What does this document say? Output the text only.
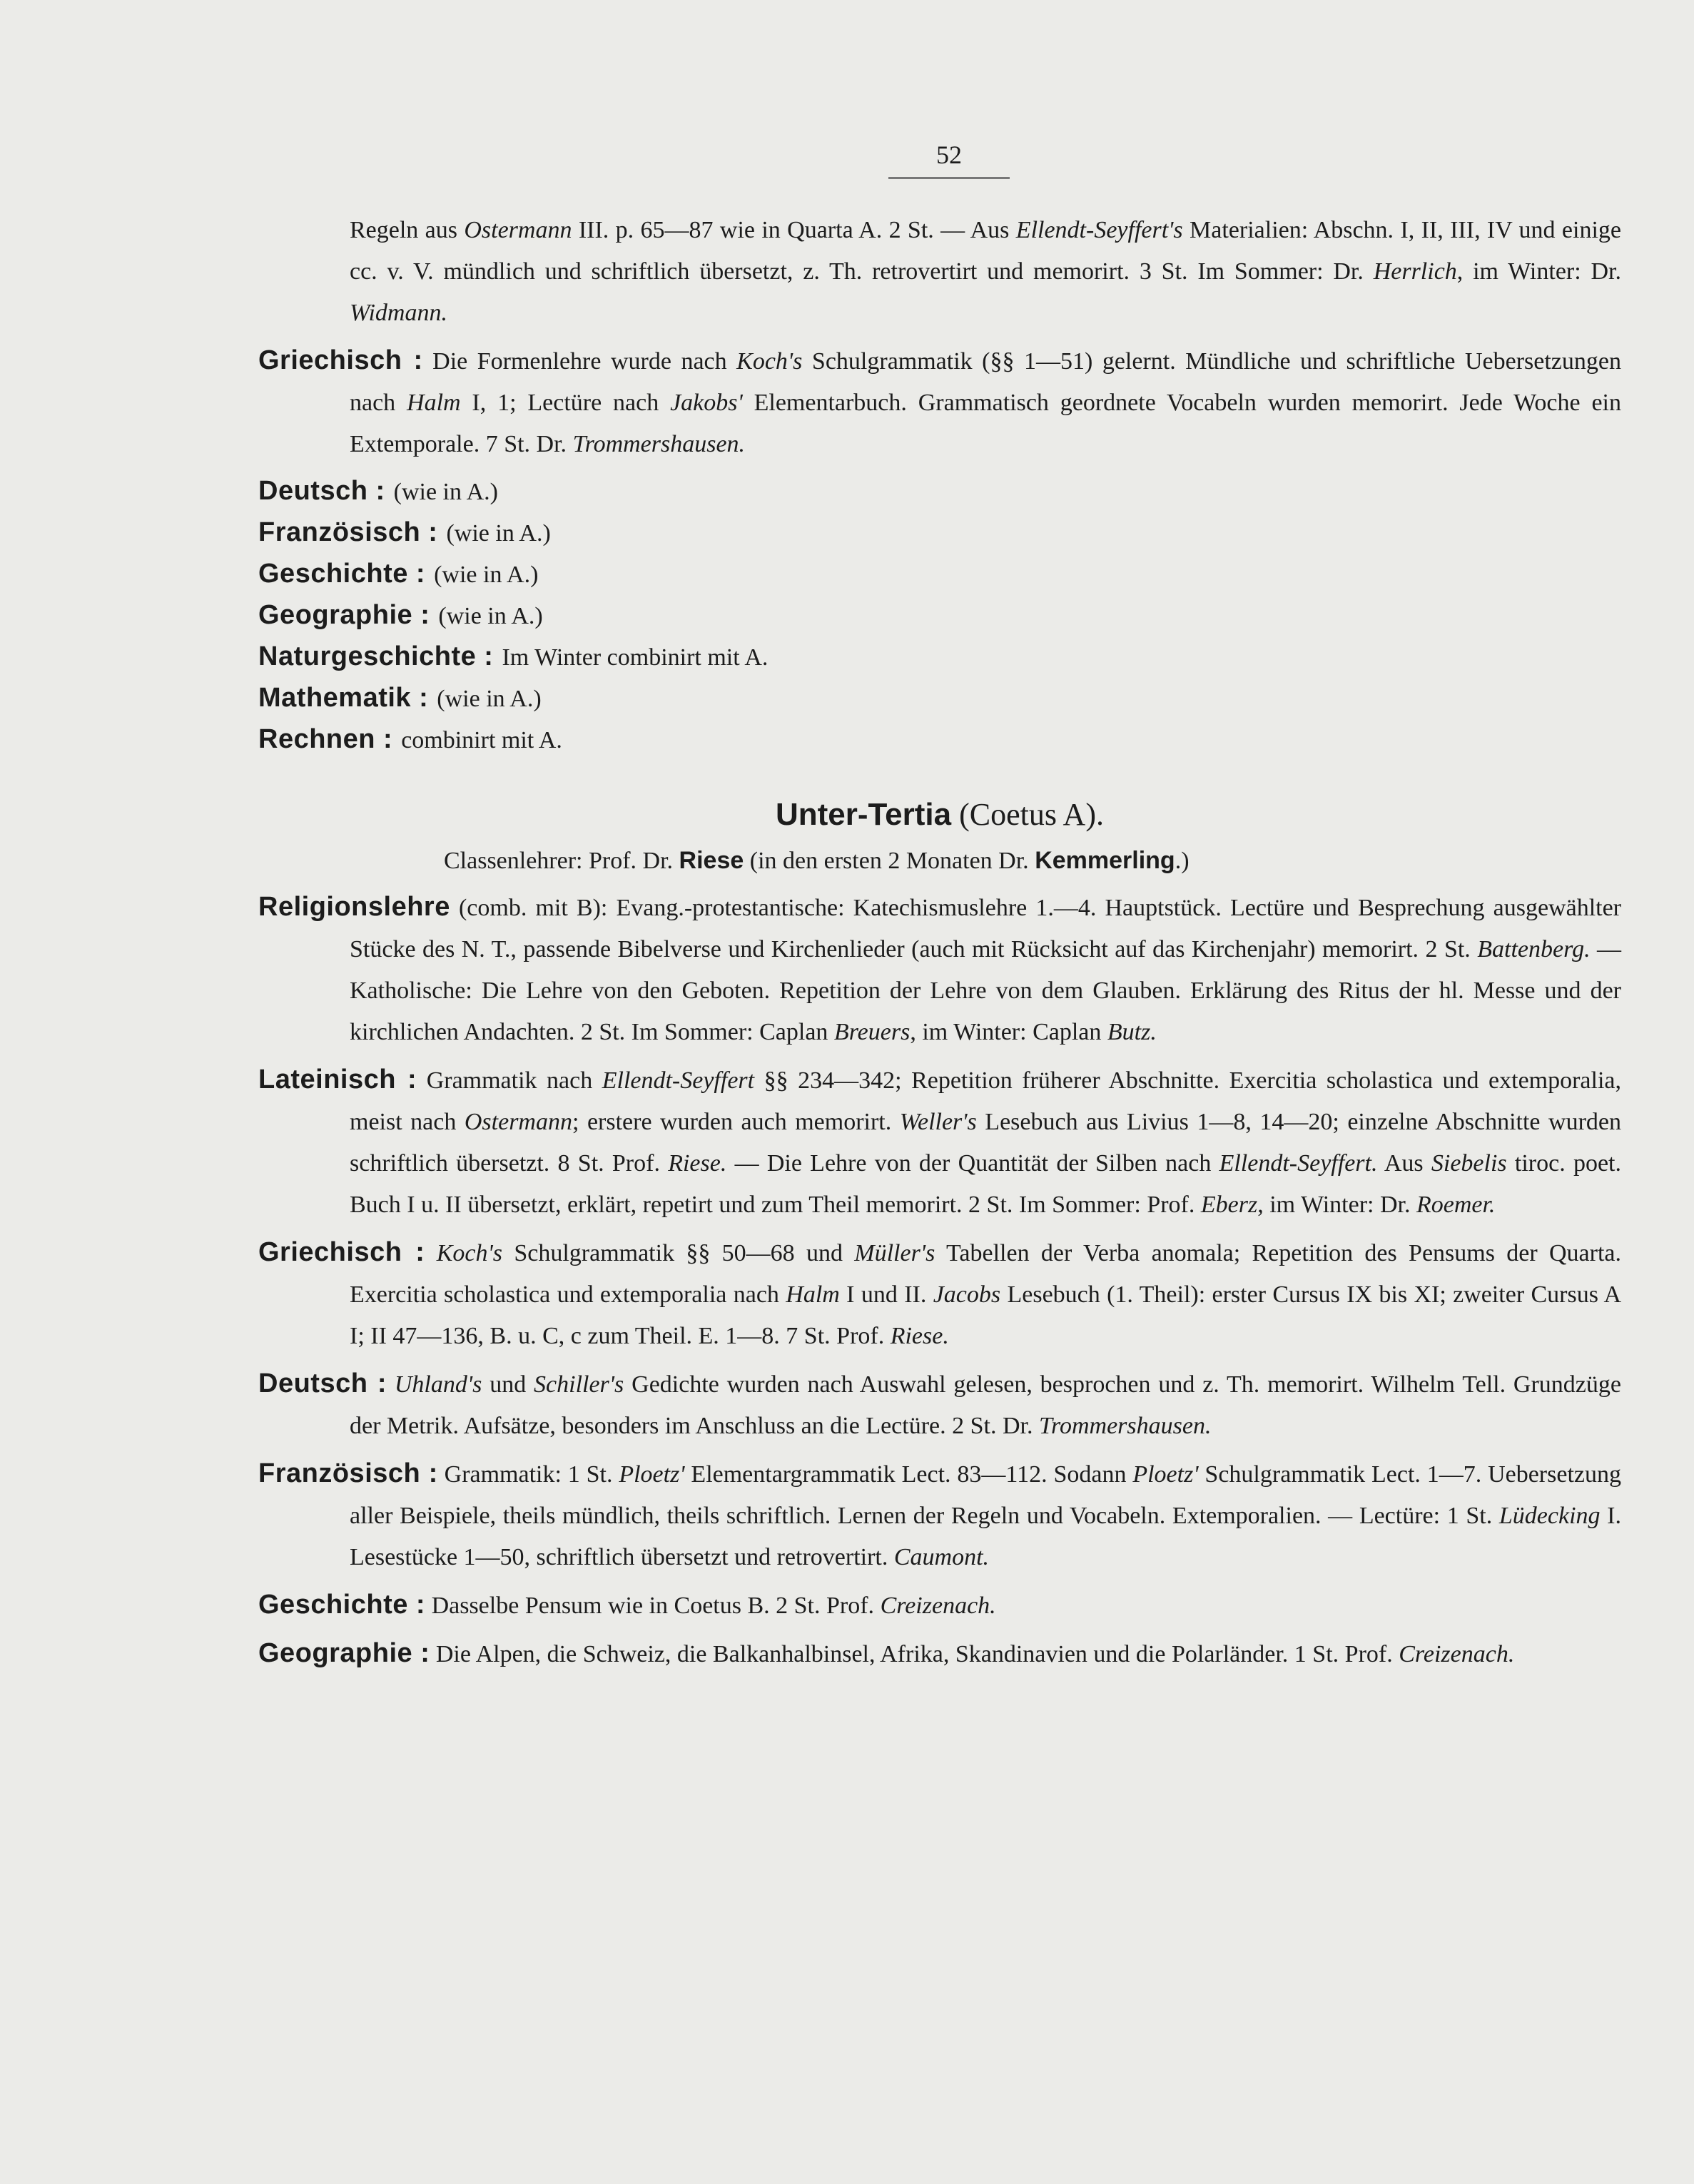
52

Regeln aus Ostermann III. p. 65—87 wie in Quarta A. 2 St. — Aus Ellendt-Seyffert's Materialien: Abschn. I, II, III, IV und einige cc. v. V. mündlich und schriftlich übersetzt, z. Th. retrovertirt und memorirt. 3 St. Im Sommer: Dr. Herrlich, im Winter: Dr. Widmann.

Griechisch : Die Formenlehre wurde nach Koch's Schulgrammatik (§§ 1—51) gelernt. Mündliche und schriftliche Uebersetzungen nach Halm I, 1; Lectüre nach Jakobs' Elementarbuch. Grammatisch geordnete Vocabeln wurden memorirt. Jede Woche ein Extemporale. 7 St. Dr. Trommershausen.

Deutsch : (wie in A.)
Französisch : (wie in A.)
Geschichte : (wie in A.)
Geographie : (wie in A.)
Naturgeschichte : Im Winter combinirt mit A.
Mathematik : (wie in A.)
Rechnen : combinirt mit A.
Unter-Tertia (Coetus A).
Classenlehrer: Prof. Dr. Riese (in den ersten 2 Monaten Dr. Kemmerling.)

Religionslehre (comb. mit B): Evang.-protestantische: Katechismuslehre 1.—4. Hauptstück. Lectüre und Besprechung ausgewählter Stücke des N. T., passende Bibelverse und Kirchenlieder (auch mit Rücksicht auf das Kirchenjahr) memorirt. 2 St. Battenberg. — Katholische: Die Lehre von den Geboten. Repetition der Lehre von dem Glauben. Erklärung des Ritus der hl. Messe und der kirchlichen Andachten. 2 St. Im Sommer: Caplan Breuers, im Winter: Caplan Butz.

Lateinisch : Grammatik nach Ellendt-Seyffert §§ 234—342; Repetition früherer Abschnitte. Exercitia scholastica und extemporalia, meist nach Ostermann; erstere wurden auch memorirt. Weller's Lesebuch aus Livius 1—8, 14—20; einzelne Abschnitte wurden schriftlich übersetzt. 8 St. Prof. Riese. — Die Lehre von der Quantität der Silben nach Ellendt-Seyffert. Aus Siebelis tiroc. poet. Buch I u. II übersetzt, erklärt, repetirt und zum Theil memorirt. 2 St. Im Sommer: Prof. Eberz, im Winter: Dr. Roemer.

Griechisch : Koch's Schulgrammatik §§ 50—68 und Müller's Tabellen der Verba anomala; Repetition des Pensums der Quarta. Exercitia scholastica und extemporalia nach Halm I und II. Jacobs Lesebuch (1. Theil): erster Cursus IX bis XI; zweiter Cursus A I; II 47—136, B. u. C, c zum Theil. E. 1—8. 7 St. Prof. Riese.

Deutsch : Uhland's und Schiller's Gedichte wurden nach Auswahl gelesen, besprochen und z. Th. memorirt. Wilhelm Tell. Grundzüge der Metrik. Aufsätze, besonders im Anschluss an die Lectüre. 2 St. Dr. Trommershausen.

Französisch : Grammatik: 1 St. Ploetz' Elementargrammatik Lect. 83—112. Sodann Ploetz' Schulgrammatik Lect. 1—7. Uebersetzung aller Beispiele, theils mündlich, theils schriftlich. Lernen der Regeln und Vocabeln. Extemporalien. — Lectüre: 1 St. Lüdecking I. Lesestücke 1—50, schriftlich übersetzt und retrovertirt. Caumont.

Geschichte : Dasselbe Pensum wie in Coetus B. 2 St. Prof. Creizenach.

Geographie : Die Alpen, die Schweiz, die Balkanhalbinsel, Afrika, Skandinavien und die Polarländer. 1 St. Prof. Creizenach.
